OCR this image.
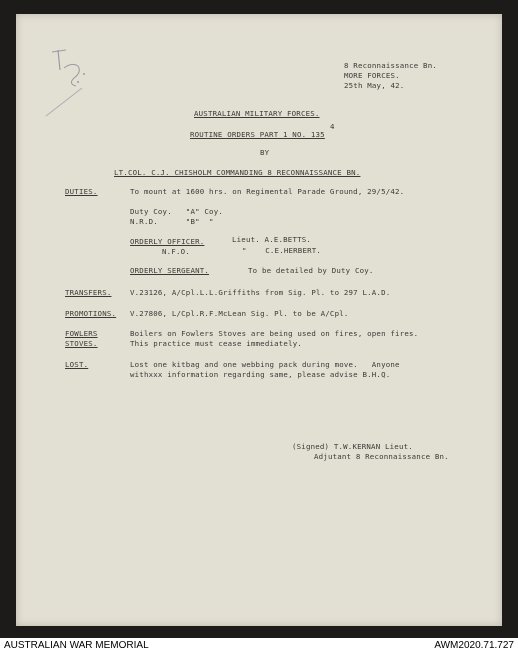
8 Reconnaissance Bn.
MORE FORCES.
25th May, 42.
AUSTRALIAN MILITARY FORCES.
4
ROUTINE ORDERS PART 1 NO. 135
BY
LT.COL. C.J. CHISHOLM COMMANDING 8 RECONNAISSANCE BN.
DUTIES.	To mount at 1600 hrs. on Regimental Parade Ground, 29/5/42.
Duty Coy.   "A" Coy.
N.R.D.      "B"  "
ORDERLY OFFICER.	Lieut. A.E.BETTS.
N.F.O.	"    C.E.HERBERT.
ORDERLY SERGEANT.	To be detailed by Duty Coy.
TRANSFERS.	V.23126, A/Cpl.L.L.Griffiths from Sig. Pl. to 297 L.A.D.
PROMOTIONS. V.27806, L/Cpl.R.F.McLean Sig. Pl. to be A/Cpl.
FOWLERS
STOVES.
Boilers on Fowlers Stoves are being used on fires, open fires.
This practice must cease immediately.
LOST.	Lost one kitbag and one webbing pack during move.   Anyone
withxxx information regarding same, please advise B.H.Q.
(Signed) T.W.KERNAN Lieut.
Adjutant 8 Reconnaissance Bn.
AUSTRALIAN WAR MEMORIAL	AWM2020.71.727
